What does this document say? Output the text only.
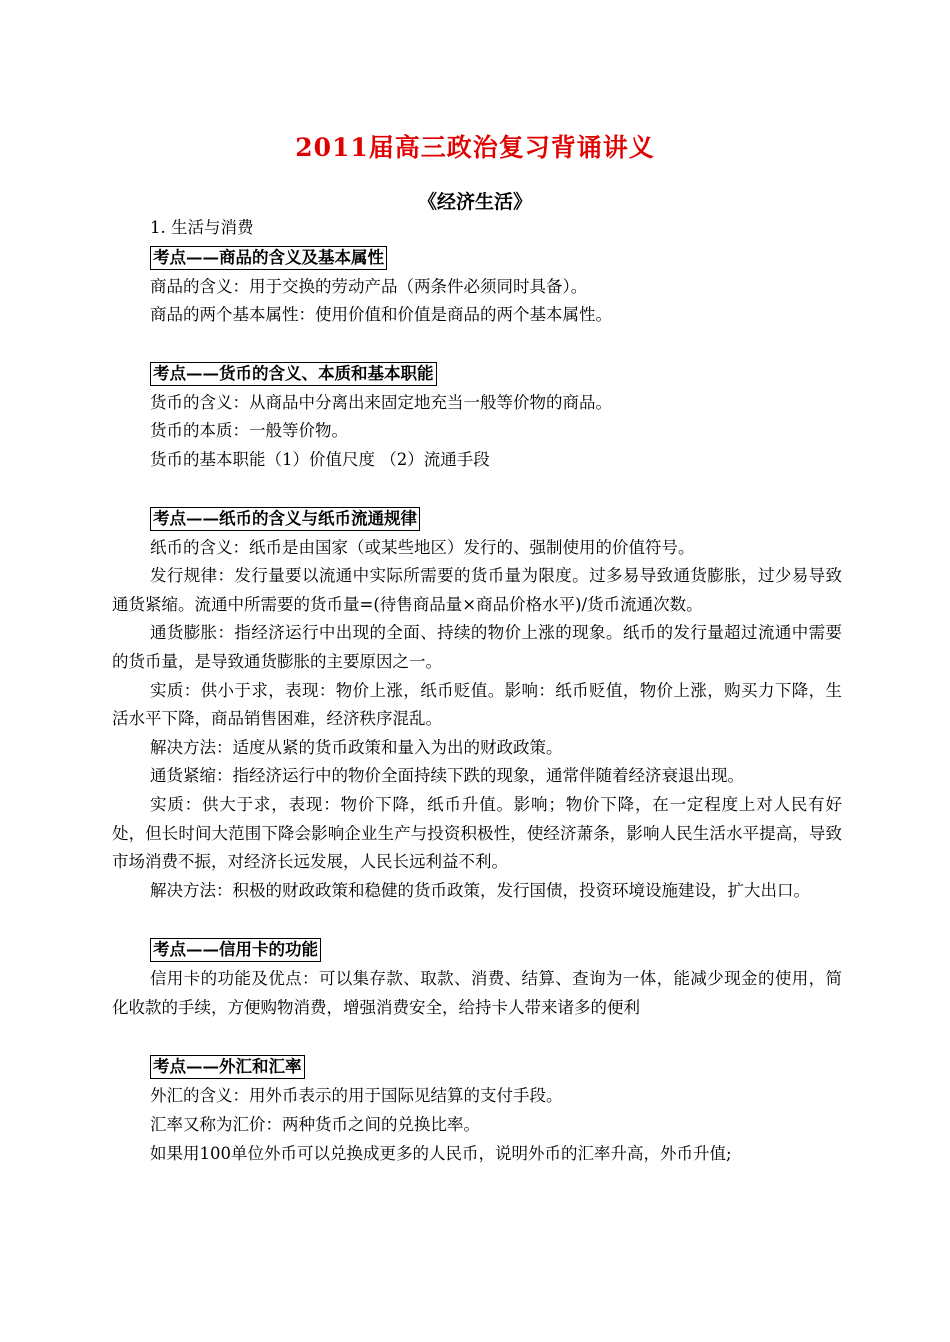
2011届高三政治复习背诵讲义
《经济生活》
1. 生活与消费
考点——商品的含义及基本属性
商品的含义：用于交换的劳动产品（两条件必须同时具备）。
商品的两个基本属性：使用价值和价值是商品的两个基本属性。
考点——货币的含义、本质和基本职能
货币的含义：从商品中分离出来固定地充当一般等价物的商品。
货币的本质：一般等价物。
货币的基本职能（1）价值尺度 （2）流通手段
考点——纸币的含义与纸币流通规律
纸币的含义：纸币是由国家（或某些地区）发行的、强制使用的价值符号。
发行规律：发行量要以流通中实际所需要的货币量为限度。过多易导致通货膨胀，过少易导致通货紧缩。流通中所需要的货币量=(待售商品量×商品价格水平)/货币流通次数。
通货膨胀：指经济运行中出现的全面、持续的物价上涨的现象。纸币的发行量超过流通中需要的货币量，是导致通货膨胀的主要原因之一。
实质：供小于求，表现：物价上涨，纸币贬值。影响：纸币贬值，物价上涨，购买力下降，生活水平下降，商品销售困难，经济秩序混乱。
解决方法：适度从紧的货币政策和量入为出的财政政策。
通货紧缩：指经济运行中的物价全面持续下跌的现象，通常伴随着经济衰退出现。
实质：供大于求，表现：物价下降，纸币升值。影响；物价下降，在一定程度上对人民有好处，但长时间大范围下降会影响企业生产与投资积极性，使经济萧条，影响人民生活水平提高，导致市场消费不振，对经济长远发展，人民长远利益不利。
解决方法：积极的财政政策和稳健的货币政策，发行国债，投资环境设施建设，扩大出口。
考点——信用卡的功能
信用卡的功能及优点：可以集存款、取款、消费、结算、查询为一体，能减少现金的使用，简化收款的手续，方便购物消费，增强消费安全，给持卡人带来诸多的便利
考点——外汇和汇率
外汇的含义：用外币表示的用于国际见结算的支付手段。
汇率又称为汇价：两种货币之间的兑换比率。
如果用100单位外币可以兑换成更多的人民币，说明外币的汇率升高，外币升值;
